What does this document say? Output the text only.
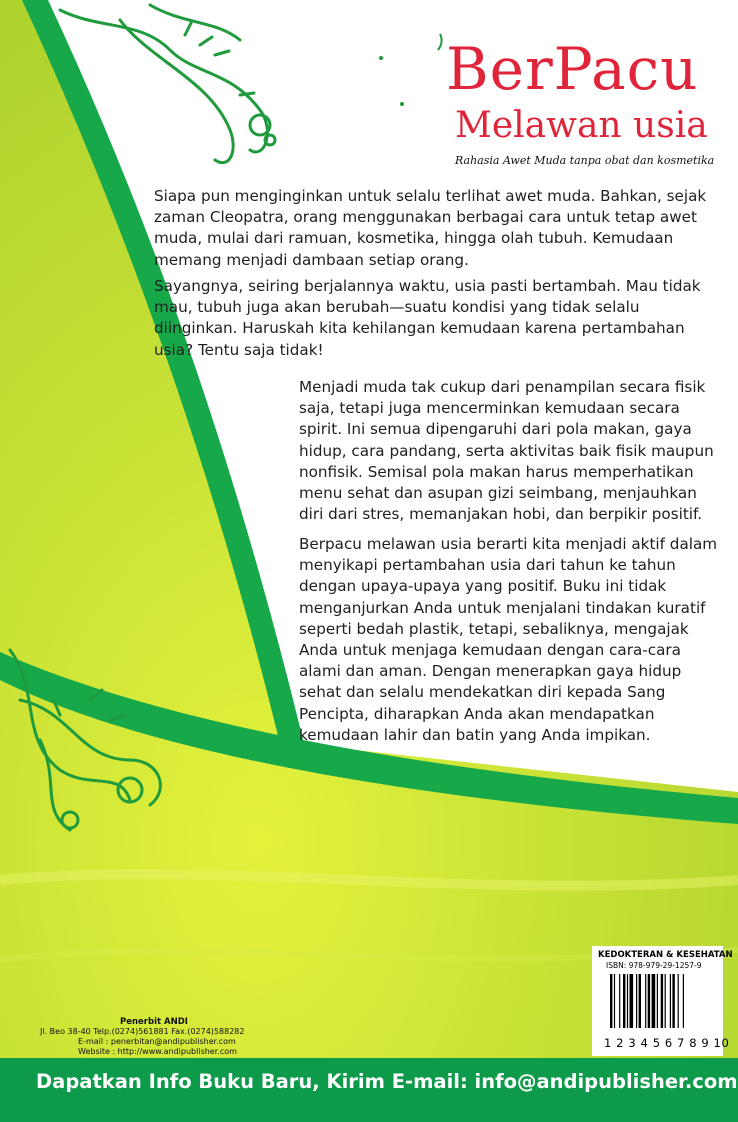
BerPacu
Melawan usia
Rahasia Awet Muda tanpa obat dan kosmetika

Siapa pun menginginkan untuk selalu terlihat awet muda. Bahkan, sejak zaman Cleopatra, orang menggunakan berbagai cara untuk tetap awet muda, mulai dari ramuan, kosmetika, hingga olah tubuh. Kemudaan memang menjadi dambaan setiap orang.

Sayangnya, seiring berjalannya waktu, usia pasti bertambah. Mau tidak mau, tubuh juga akan berubah—suatu kondisi yang tidak selalu diinginkan. Haruskah kita kehilangan kemudaan karena pertambahan usia? Tentu saja tidak!

Menjadi muda tak cukup dari penampilan secara fisik saja, tetapi juga mencerminkan kemudaan secara spirit. Ini semua dipengaruhi dari pola makan, gaya hidup, cara pandang, serta aktivitas baik fisik maupun nonfisik. Semisal pola makan harus memperhatikan menu sehat dan asupan gizi seimbang, menjauhkan diri dari stres, memanjakan hobi, dan berpikir positif.

Berpacu melawan usia berarti kita menjadi aktif dalam menyikapi pertambahan usia dari tahun ke tahun dengan upaya-upaya yang positif. Buku ini tidak menganjurkan Anda untuk menjalani tindakan kuratif seperti bedah plastik, tetapi, sebaliknya, mengajak Anda untuk menjaga kemudaan dengan cara-cara alami dan aman. Dengan menerapkan gaya hidup sehat dan selalu mendekatkan diri kepada Sang Pencipta, diharapkan Anda akan mendapatkan kemudaan lahir dan batin yang Anda impikan.

KEDOKTERAN & KESEHATAN
ISBN: 978-979-29-1257-9
1 2 3 4 5 6 7 8 9 10
Penerbit ANDI
Jl. Beo 38-40 Telp.(0274)561881 Fax.(0274)588282
E-mail : penerbitan@andipublisher.com
Website : http://www.andipublisher.com
Dapatkan Info Buku Baru, Kirim E-mail: info@andipublisher.com
